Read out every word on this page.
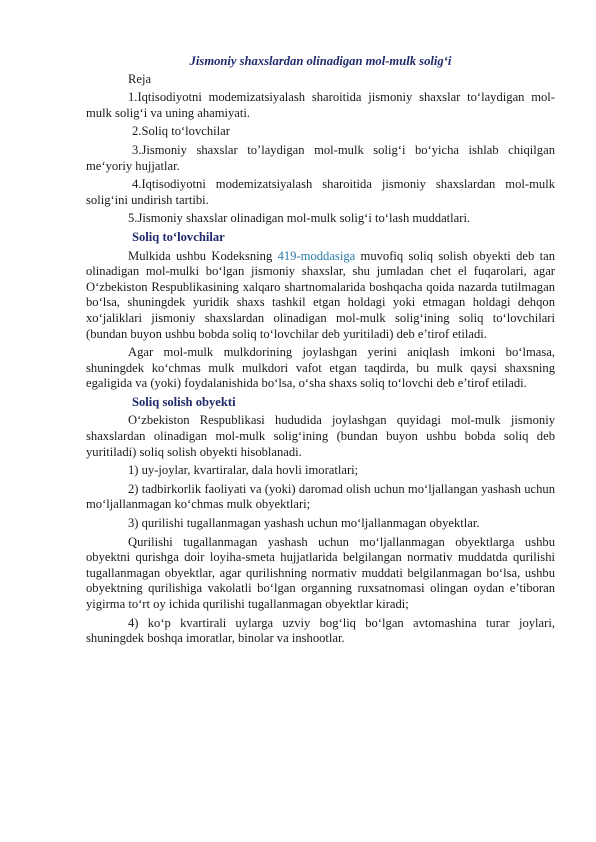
Jismoniy shaxslardan olinadigan mol-mulk solig‘i

Reja

1.Iqtisodiyotni modemizatsiyalash sharoitida jismoniy shaxslar to‘laydigan mol-mulk solig‘i va uning ahamiyati.

2.Soliq to‘lovchilar

3.Jismoniy shaxslar to’laydigan mol-mulk solig‘i bo‘yicha ishlab chiqilgan me‘yoriy hujjatlar.

4.Iqtisodiyotni modemizatsiyalash sharoitida jismoniy shaxslardan mol-mulk solig‘ini undirish tartibi.

5.Jismoniy shaxslar olinadigan mol-mulk solig‘i to‘lash muddatlari.

Soliq to‘lovchilar

Mulkida ushbu Kodeksning 419-moddasiga muvofiq soliq solish obyekti deb tan olinadigan mol-mulki bo‘lgan jismoniy shaxslar, shu jumladan chet el fuqarolari, agar O‘zbekiston Respublikasining xalqaro shartnomalarida boshqacha qoida nazarda tutilmagan bo‘lsa, shuningdek yuridik shaxs tashkil etgan holdagi yoki etmagan holdagi dehqon xo‘jaliklari jismoniy shaxslardan olinadigan mol-mulk solig‘ining soliq to‘lovchilari (bundan buyon ushbu bobda soliq to‘lovchilar deb yuritiladi) deb e’tirof etiladi.

Agar mol-mulk mulkdorining joylashgan yerini aniqlash imkoni bo‘lmasa, shuningdek ko‘chmas mulk mulkdori vafot etgan taqdirda, bu mulk qaysi shaxsning egaligida va (yoki) foydalanishida bo‘lsa, o‘sha shaxs soliq to‘lovchi deb e’tirof etiladi.

Soliq solish obyekti

O‘zbekiston Respublikasi hududida joylashgan quyidagi mol-mulk jismoniy shaxslardan olinadigan mol-mulk solig‘ining (bundan buyon ushbu bobda soliq deb yuritiladi) soliq solish obyekti hisoblanadi.

1) uy-joylar, kvartiralar, dala hovli imoratlari;

2) tadbirkorlik faoliyati va (yoki) daromad olish uchun mo‘ljallangan yashash uchun mo‘ljallanmagan ko‘chmas mulk obyektlari;

3) qurilishi tugallanmagan yashash uchun mo‘ljallanmagan obyektlar.

Qurilishi tugallanmagan yashash uchun mo‘ljallanmagan obyektlarga ushbu obyektni qurishga doir loyiha-smeta hujjatlarida belgilangan normativ muddatda qurilishi tugallanmagan obyektlar, agar qurilishning normativ muddati belgilanmagan bo‘lsa, ushbu obyektning qurilishiga vakolatli bo‘lgan organning ruxsatnomasi olingan oydan e’tiboran yigirma to‘rt oy ichida qurilishi tugallanmagan obyektlar kiradi;

4) ko‘p kvartirali uylarga uzviy bog‘liq bo‘lgan avtomashina turar joylari, shuningdek boshqa imoratlar, binolar va inshootlar.
